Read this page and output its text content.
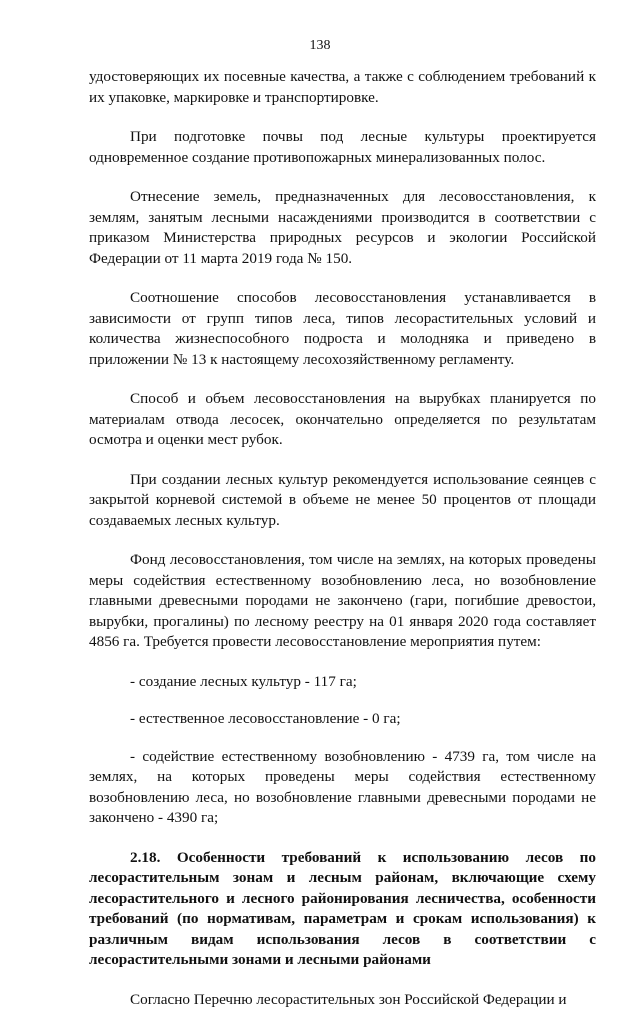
138

удостоверяющих их посевные качества, а также с соблюдением требований к их упаковке, маркировке и транспортировке.

При подготовке почвы под лесные культуры проектируется одновременное создание противопожарных минерализованных полос.

Отнесение земель, предназначенных для лесовосстановления, к землям, занятым лесными насаждениями производится в соответствии с приказом Министерства природных ресурсов и экологии Российской Федерации от 11 марта 2019 года № 150.

Соотношение способов лесовосстановления устанавливается в зависимости от групп типов леса, типов лесорастительных условий и количества жизнеспособного подроста и молодняка и приведено в приложении № 13 к настоящему лесохозяйственному регламенту.

Способ и объем лесовосстановления на вырубках планируется по материалам отвода лесосек, окончательно определяется по результатам осмотра и оценки мест рубок.

При создании лесных культур рекомендуется использование сеянцев с закрытой корневой системой в объеме не менее 50 процентов от площади создаваемых лесных культур.

Фонд лесовосстановления, том числе на землях, на которых проведены меры содействия естественному возобновлению леса, но возобновление главными древесными породами не закончено (гари, погибшие древостои, вырубки, прогалины) по лесному реестру на 01 января 2020 года составляет 4856 га. Требуется провести лесовосстановление мероприятия путем:

- создание лесных культур - 117 га;

- естественное лесовосстановление - 0 га;

- содействие естественному возобновлению - 4739 га, том числе на землях, на которых проведены меры содействия естественному возобновлению леса, но возобновление главными древесными породами не закончено - 4390 га;

2.18. Особенности требований к использованию лесов по лесорастительным зонам и лесным районам, включающие схему лесорастительного и лесного районирования лесничества, особенности требований (по нормативам, параметрам и срокам использования) к различным видам использования лесов в соответствии с лесорастительными зонами и лесными районами

Согласно Перечню лесорастительных зон Российской Федерации и
